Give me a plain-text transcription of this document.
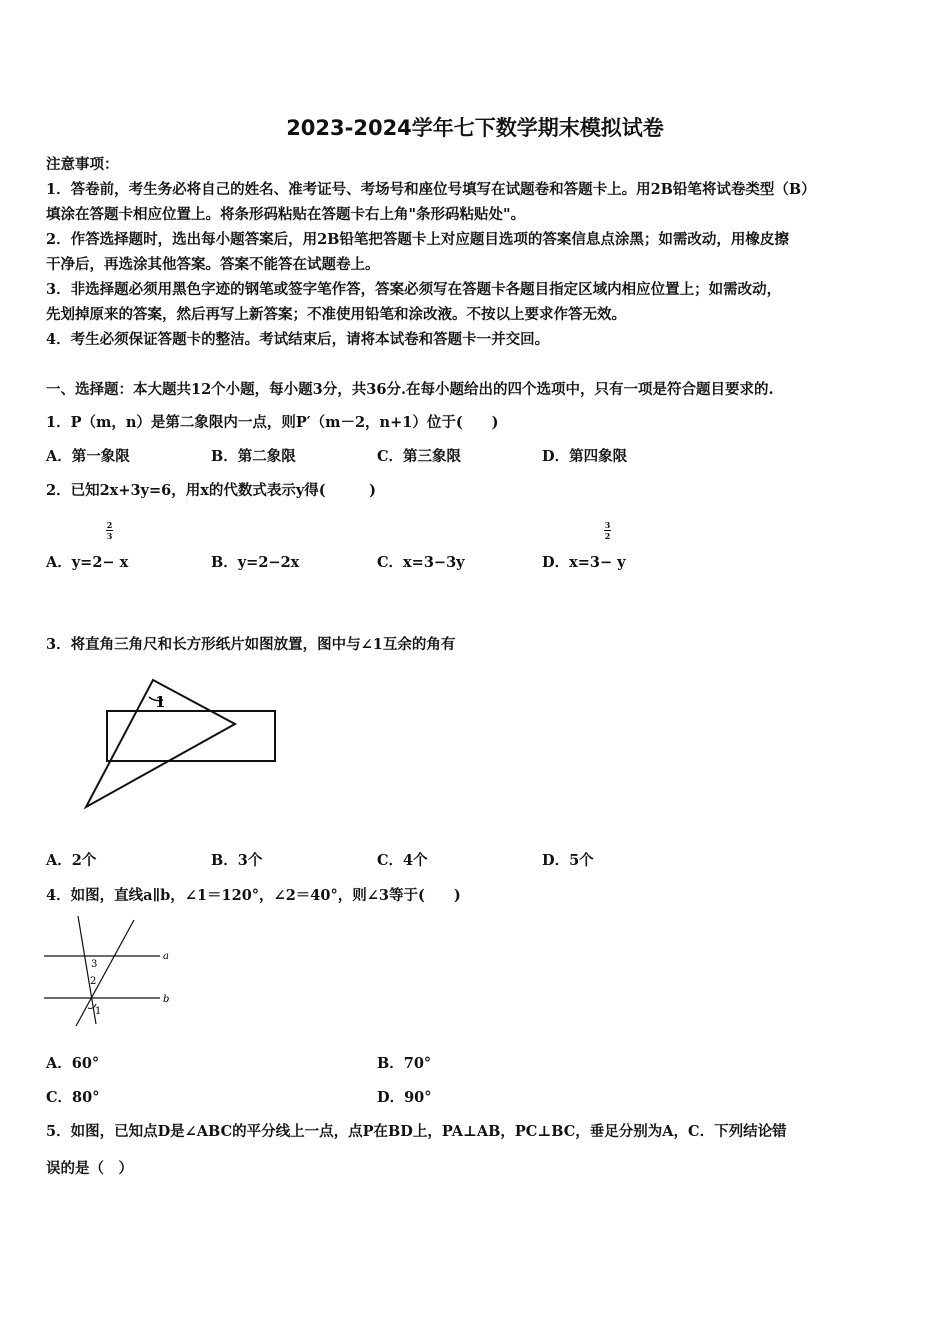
2023-2024学年七下数学期末模拟试卷
注意事项：
1．答卷前，考生务必将自己的姓名、准考证号、考场号和座位号填写在试题卷和答题卡上。用2B铅笔将试卷类型（B）
填涂在答题卡相应位置上。将条形码粘贴在答题卡右上角"条形码粘贴处"。
2．作答选择题时，选出每小题答案后，用2B铅笔把答题卡上对应题目选项的答案信息点涂黑；如需改动，用橡皮擦
干净后，再选涂其他答案。答案不能答在试题卷上。
3．非选择题必须用黑色字迹的钢笔或签字笔作答，答案必须写在答题卡各题目指定区域内相应位置上；如需改动，
先划掉原来的答案，然后再写上新答案；不准使用铅笔和涂改液。不按以上要求作答无效。
4．考生必须保证答题卡的整洁。考试结束后，请将本试卷和答题卡一并交回。
一、选择题：本大题共12个小题，每小题3分，共36分.在每小题给出的四个选项中，只有一项是符合题目要求的.
1．P（m，n）是第二象限内一点，则P′（m－2，n+1）位于(　　)
A．第一象限	B．第二象限	C．第三象限	D．第四象限
2．已知2x+3y=6，用x的代数式表示y得(　　　)
2
3
3
2
A．y=2− x	B．y=2−2x	C．x=3−3y	D．x=3− y
3．将直角三角尺和长方形纸片如图放置，图中与∠1互余的角有
1
A．2个	B．3个	C．4个	D．5个
4．如图，直线a∥b，∠1＝120°，∠2＝40°，则∠3等于(　　)
a
b
3
2
1
A．60°	B．70°
C．80°	D．90°
5．如图，已知点D是∠ABC的平分线上一点，点P在BD上，PA⊥AB，PC⊥BC，垂足分别为A，C．下列结论错
误的是（　）
